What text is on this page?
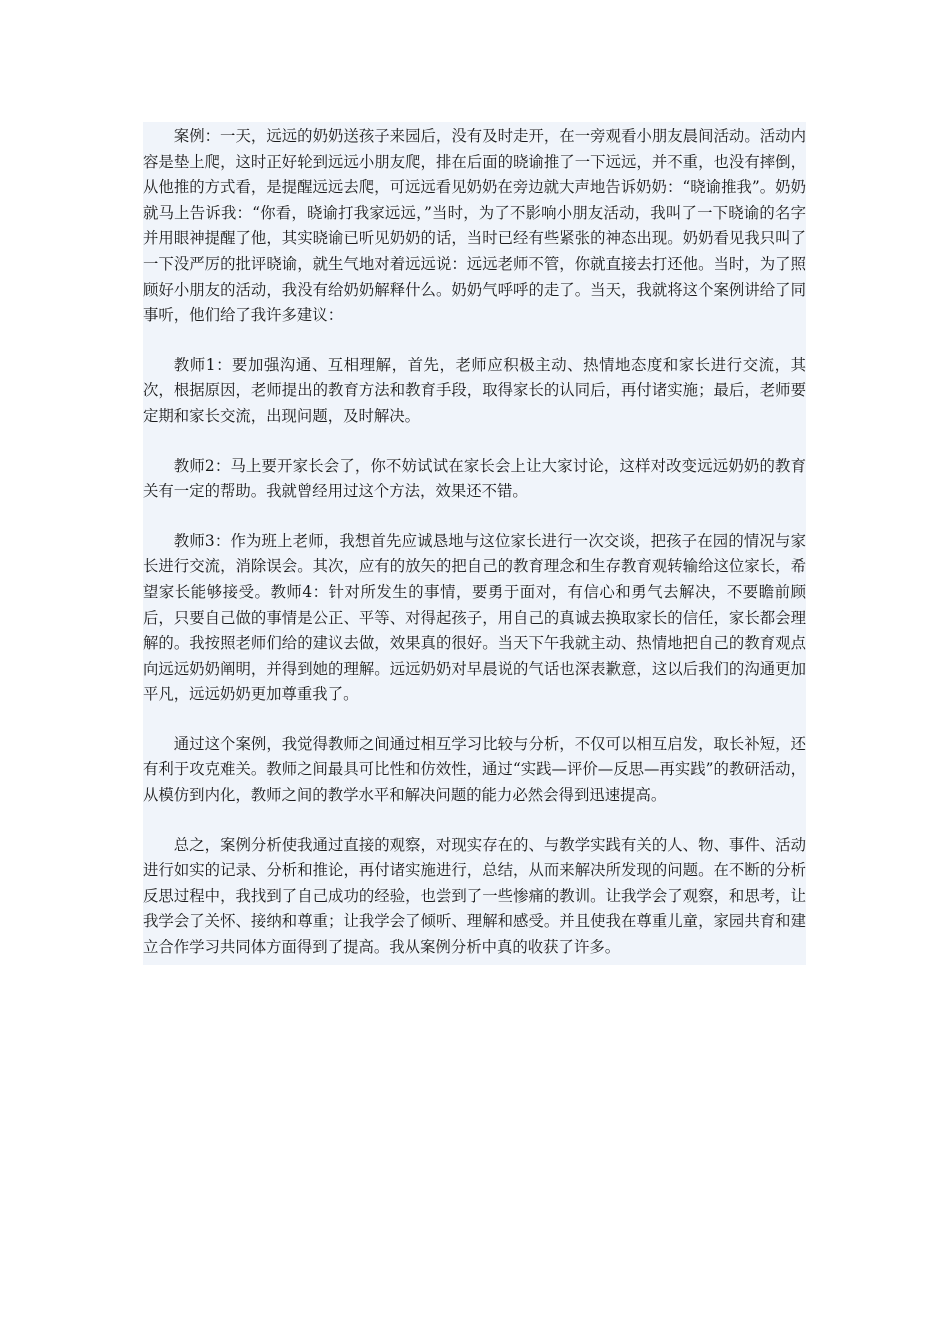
案例：一天，远远的奶奶送孩子来园后，没有及时走开，在一旁观看小朋友晨间活动。活动内容是垫上爬，这时正好轮到远远小朋友爬，排在后面的晓谕推了一下远远，并不重，也没有摔倒，从他推的方式看，是提醒远远去爬，可远远看见奶奶在旁边就大声地告诉奶奶：“晓谕推我”。奶奶就马上告诉我：“你看，晓谕打我家远远，”当时，为了不影响小朋友活动，我叫了一下晓谕的名字并用眼神提醒了他，其实晓谕已听见奶奶的话，当时已经有些紧张的神态出现。奶奶看见我只叫了一下没严厉的批评晓谕，就生气地对着远远说：远远老师不管，你就直接去打还他。当时，为了照顾好小朋友的活动，我没有给奶奶解释什么。奶奶气呼呼的走了。当天，我就将这个案例讲给了同事听，他们给了我许多建议：

教师1：要加强沟通、互相理解，首先，老师应积极主动、热情地态度和家长进行交流，其次，根据原因，老师提出的教育方法和教育手段，取得家长的认同后，再付诸实施；最后，老师要定期和家长交流，出现问题，及时解决。

教师2：马上要开家长会了，你不妨试试在家长会上让大家讨论，这样对改变远远奶奶的教育关有一定的帮助。我就曾经用过这个方法，效果还不错。

教师3：作为班上老师，我想首先应诚恳地与这位家长进行一次交谈，把孩子在园的情况与家长进行交流，消除误会。其次，应有的放矢的把自己的教育理念和生存教育观转输给这位家长，希望家长能够接受。教师4：针对所发生的事情，要勇于面对，有信心和勇气去解决，不要瞻前顾后，只要自己做的事情是公正、平等、对得起孩子，用自己的真诚去换取家长的信任，家长都会理解的。我按照老师们给的建议去做，效果真的很好。当天下午我就主动、热情地把自己的教育观点向远远奶奶阐明，并得到她的理解。远远奶奶对早晨说的气话也深表歉意，这以后我们的沟通更加平凡，远远奶奶更加尊重我了。

通过这个案例，我觉得教师之间通过相互学习比较与分析，不仅可以相互启发，取长补短，还有利于攻克难关。教师之间最具可比性和仿效性，通过“实践—评价—反思—再实践”的教研活动，从模仿到内化，教师之间的教学水平和解决问题的能力必然会得到迅速提高。

总之，案例分析使我通过直接的观察，对现实存在的、与教学实践有关的人、物、事件、活动进行如实的记录、分析和推论，再付诸实施进行，总结，从而来解决所发现的问题。在不断的分析反思过程中，我找到了自己成功的经验，也尝到了一些惨痛的教训。让我学会了观察，和思考，让我学会了关怀、接纳和尊重；让我学会了倾听、理解和感受。并且使我在尊重儿童，家园共育和建立合作学习共同体方面得到了提高。我从案例分析中真的收获了许多。
